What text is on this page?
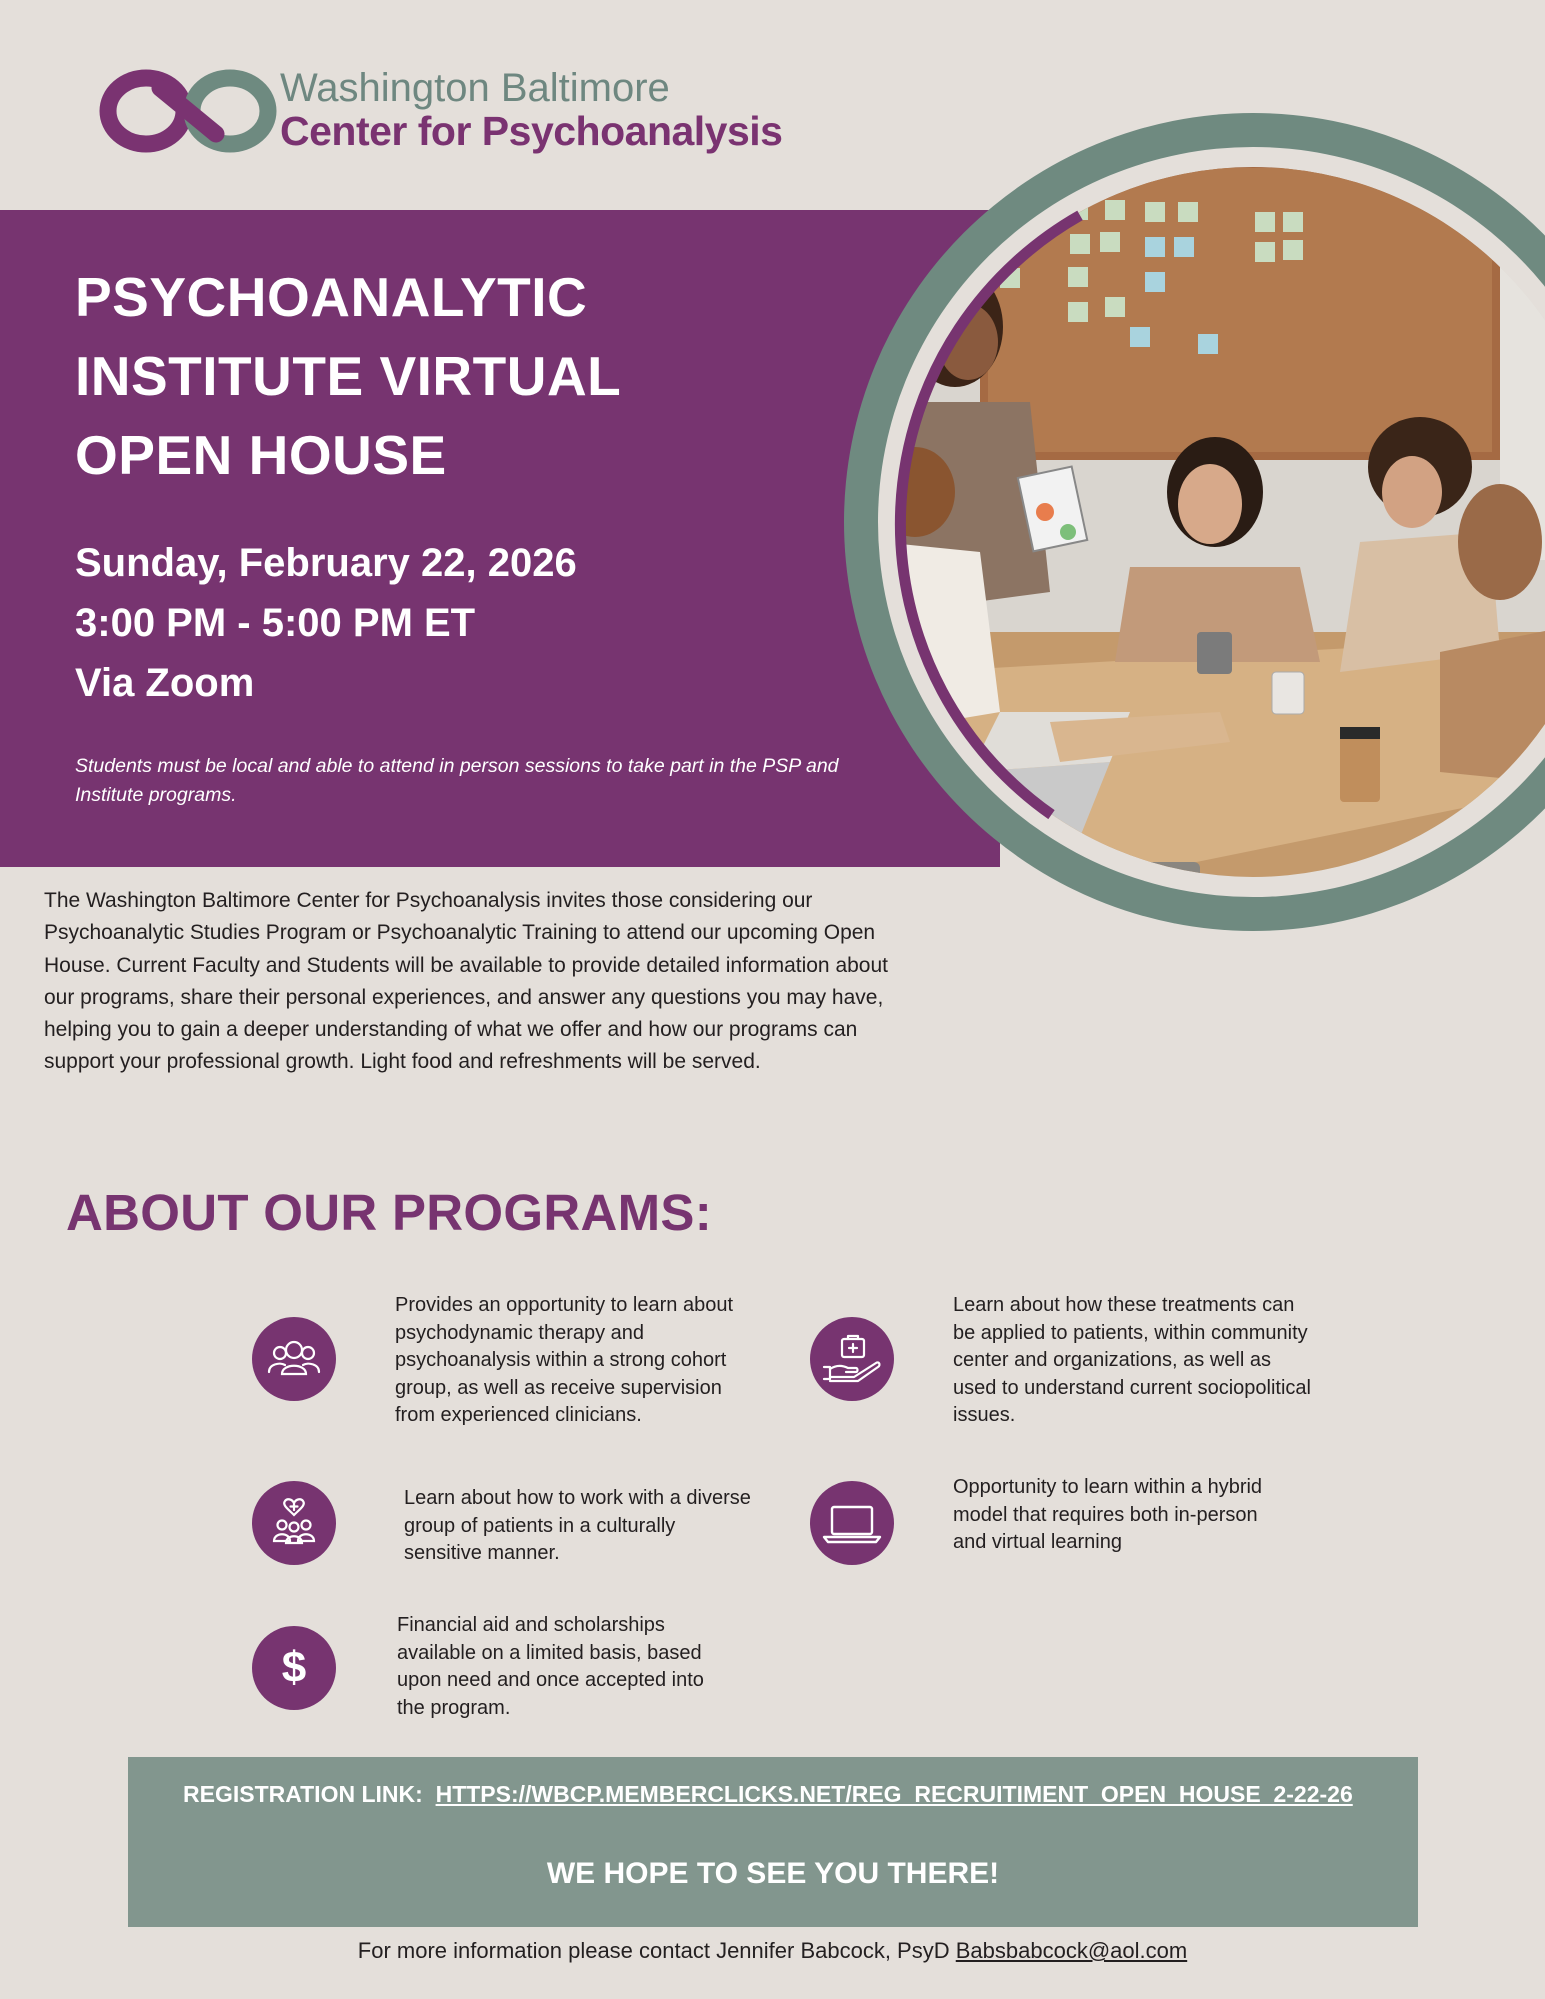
Washington Baltimore
Center for Psychoanalysis
PSYCHOANALYTIC
INSTITUTE VIRTUAL
OPEN HOUSE
Sunday, February 22, 2026
3:00 PM - 5:00 PM ET
Via Zoom
Students must be local and able to attend in person sessions to take part in the PSP and Institute programs.
The Washington Baltimore Center for Psychoanalysis invites those considering our Psychoanalytic Studies Program or Psychoanalytic Training to attend our upcoming Open House. Current Faculty and Students will be available to provide detailed information about our programs, share their personal experiences, and answer any questions you may have, helping you to gain a deeper understanding of what we offer and how our programs can support your professional growth. Light food and refreshments will be served.
ABOUT OUR PROGRAMS:
Provides an opportunity to learn about psychodynamic therapy and psychoanalysis within a strong cohort group, as well as receive supervision from experienced clinicians.
Learn about how to work with a diverse group of patients in a culturally sensitive manner.
$
Financial aid and scholarships available on a limited basis, based upon need and once accepted into the program.
Learn about how these treatments can be applied to patients, within community center and organizations, as well as used to understand current sociopolitical issues.
Opportunity to learn within a hybrid model that requires both in-person and virtual learning
REGISTRATION LINK: HTTPS://WBCP.MEMBERCLICKS.NET/REG_RECRUITIMENT_OPEN_HOUSE_2-22-26
WE HOPE TO SEE YOU THERE!
For more information please contact Jennifer Babcock, PsyD Babsbabcock@aol.com
